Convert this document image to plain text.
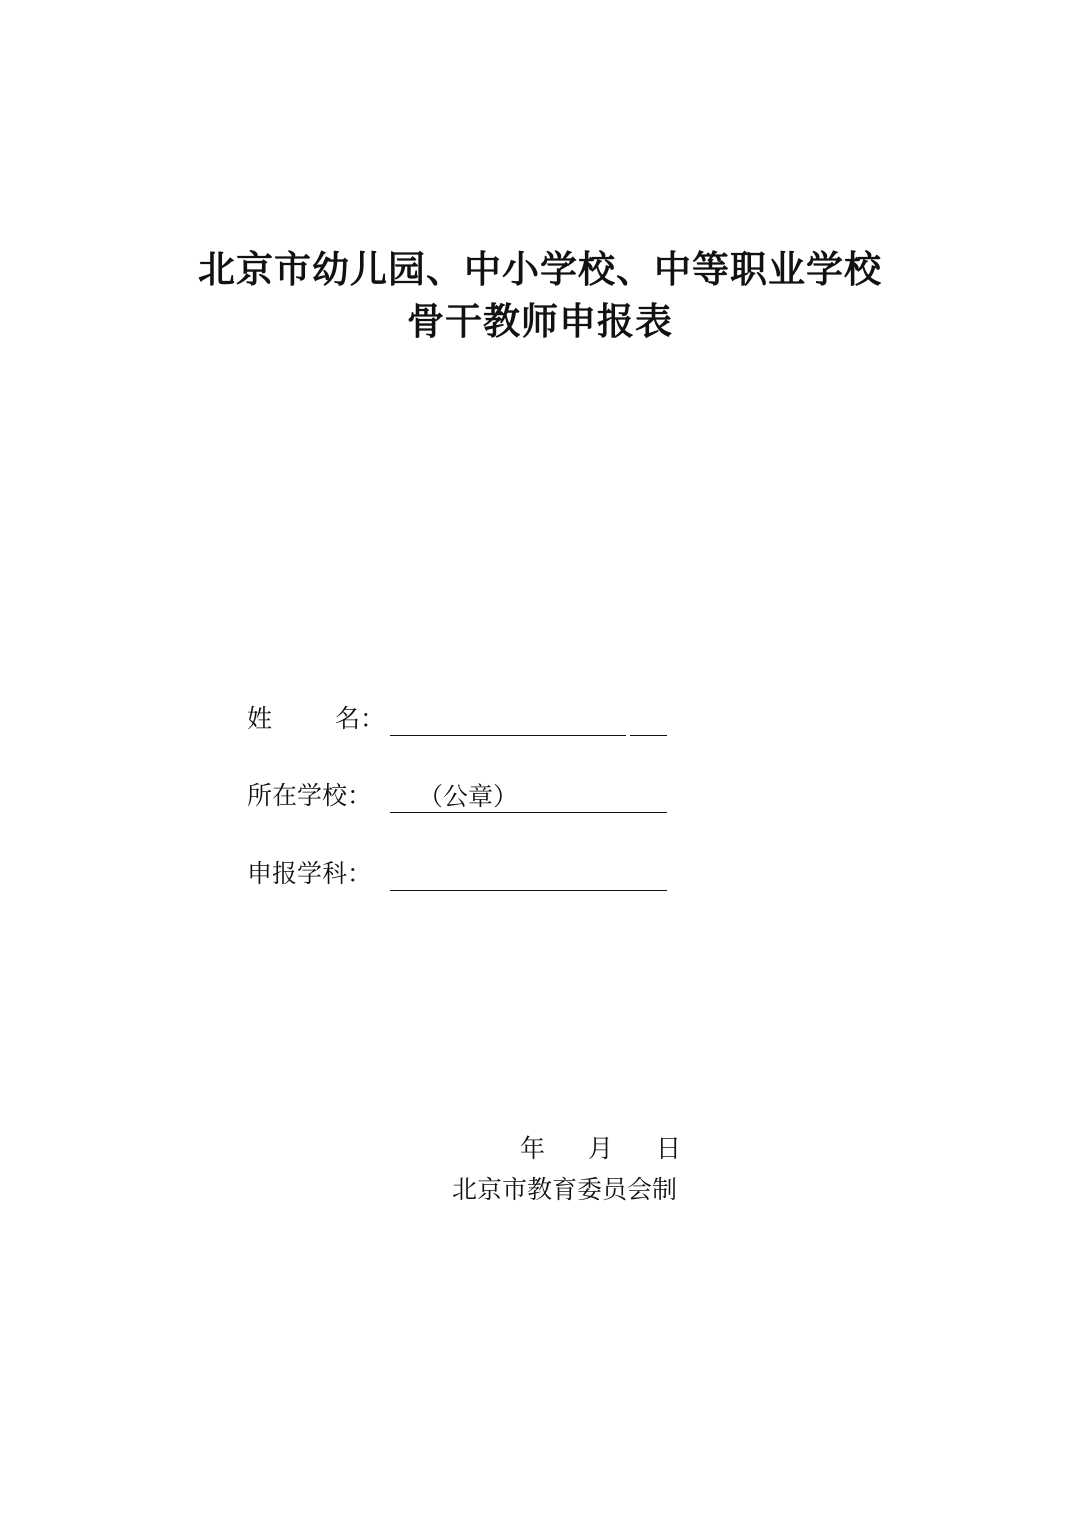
北京市幼儿园、中小学校、中等职业学校
骨干教师申报表
姓	名：
所在学校：	（公章）
申报学科：
年 月 日
北京市教育委员会制
